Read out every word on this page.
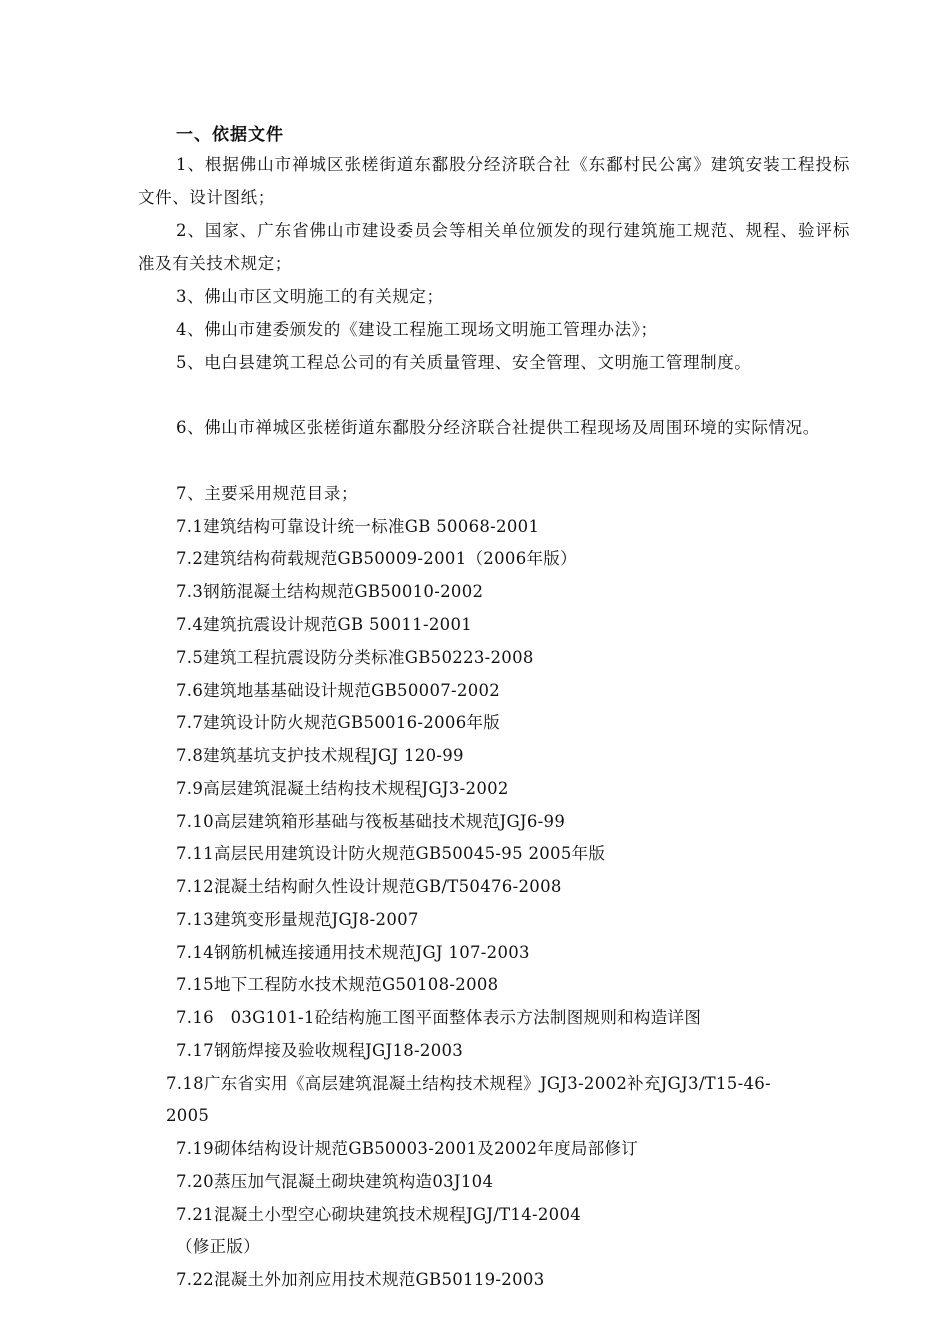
一、依据文件
1、根据佛山市禅城区张槎街道东鄱股分经济联合社《东鄱村民公寓》建筑安装工程投标文件、设计图纸；
2、国家、广东省佛山市建设委员会等相关单位颁发的现行建筑施工规范、规程、验评标准及有关技术规定；
3、佛山市区文明施工的有关规定；
4、佛山市建委颁发的《建设工程施工现场文明施工管理办法》；
5、电白县建筑工程总公司的有关质量管理、安全管理、文明施工管理制度。
6、佛山市禅城区张槎街道东鄱股分经济联合社提供工程现场及周围环境的实际情况。
7、主要采用规范目录；
7.1建筑结构可靠设计统一标准GB 50068-2001
7.2建筑结构荷载规范GB50009-2001（2006年版）
7.3钢筋混凝土结构规范GB50010-2002
7.4建筑抗震设计规范GB 50011-2001
7.5建筑工程抗震设防分类标准GB50223-2008
7.6建筑地基基础设计规范GB50007-2002
7.7建筑设计防火规范GB50016-2006年版
7.8建筑基坑支护技术规程JGJ 120-99
7.9高层建筑混凝土结构技术规程JGJ3-2002
7.10高层建筑箱形基础与筏板基础技术规范JGJ6-99
7.11高层民用建筑设计防火规范GB50045-95 2005年版
7.12混凝土结构耐久性设计规范GB/T50476-2008
7.13建筑变形量规范JGJ8-2007
7.14钢筋机械连接通用技术规范JGJ 107-2003
7.15地下工程防水技术规范G50108-2008
7.16   03G101-1砼结构施工图平面整体表示方法制图规则和构造详图
7.17钢筋焊接及验收规程JGJ18-2003
7.18广东省实用《高层建筑混凝土结构技术规程》JGJ3-2002补充JGJ3/T15-46-
2005
7.19砌体结构设计规范GB50003-2001及2002年度局部修订
7.20蒸压加气混凝土砌块建筑构造03J104
7.21混凝土小型空心砌块建筑技术规程JGJ/T14-2004
（修正版）
7.22混凝土外加剂应用技术规范GB50119-2003
